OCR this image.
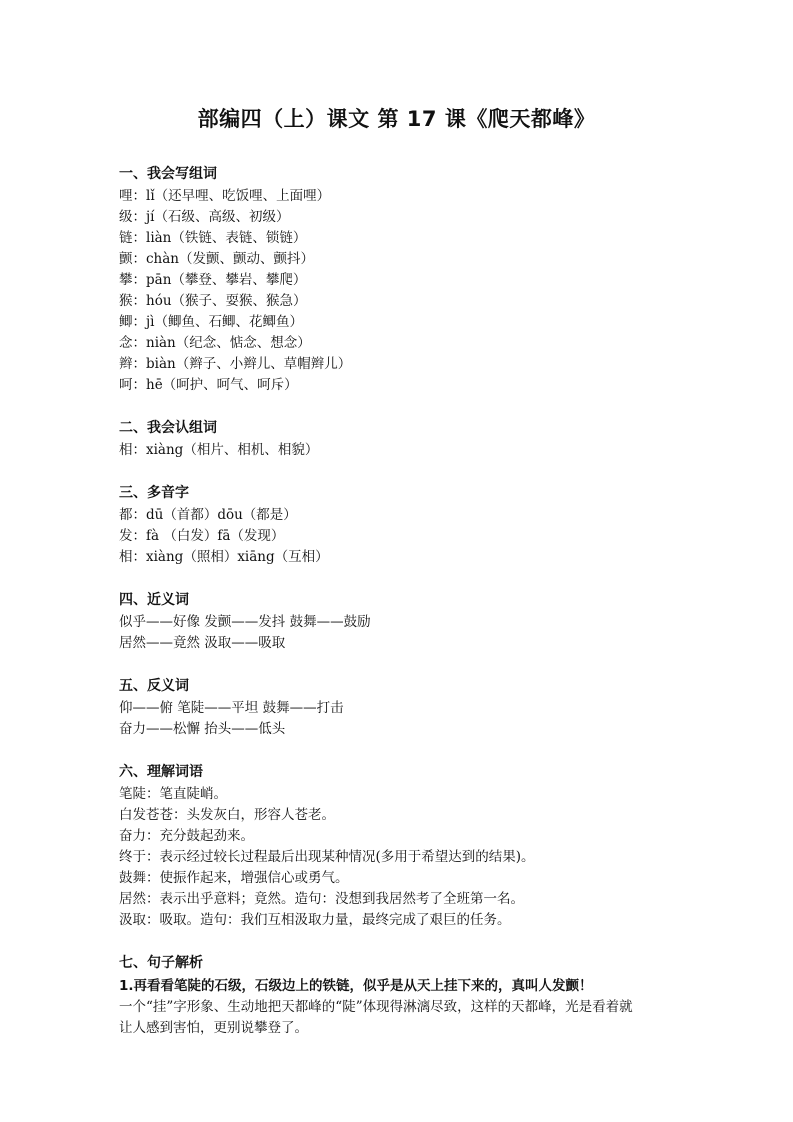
部编四（上）课文 第 17 课《爬天都峰》
一、我会写组词
哩：lǐ（还早哩、吃饭哩、上面哩）
级：jí（石级、高级、初级）
链：liàn（铁链、表链、锁链）
颤：chàn（发颤、颤动、颤抖）
攀：pān（攀登、攀岩、攀爬）
猴：hóu（猴子、耍猴、猴急）
鲫：jì（鲫鱼、石鲫、花鲫鱼）
念：niàn（纪念、惦念、想念）
辫：biàn（辫子、小辫儿、草帽辫儿）
呵：hē（呵护、呵气、呵斥）
二、我会认组词
相：xiàng（相片、相机、相貌）
三、多音字
都：dū（首都）dōu（都是）
发：fà （白发）fā（发现）
相：xiàng（照相）xiāng（互相）
四、近义词
似乎——好像 发颤——发抖 鼓舞——鼓励
居然——竟然 汲取——吸取
五、反义词
仰——俯 笔陡——平坦 鼓舞——打击
奋力——松懈 抬头——低头
六、理解词语
笔陡：笔直陡峭。
白发苍苍：头发灰白，形容人苍老。
奋力：充分鼓起劲来。
终于：表示经过较长过程最后出现某种情况(多用于希望达到的结果)。
鼓舞：使振作起来，增强信心或勇气。
居然：表示出乎意料；竟然。造句：没想到我居然考了全班第一名。
汲取：吸取。造句：我们互相汲取力量，最终完成了艰巨的任务。
七、句子解析
1.再看看笔陡的石级，石级边上的铁链，似乎是从天上挂下来的，真叫人发颤！
一个“挂”字形象、生动地把天都峰的“陡”体现得淋漓尽致，这样的天都峰，光是看着就
让人感到害怕，更别说攀登了。
